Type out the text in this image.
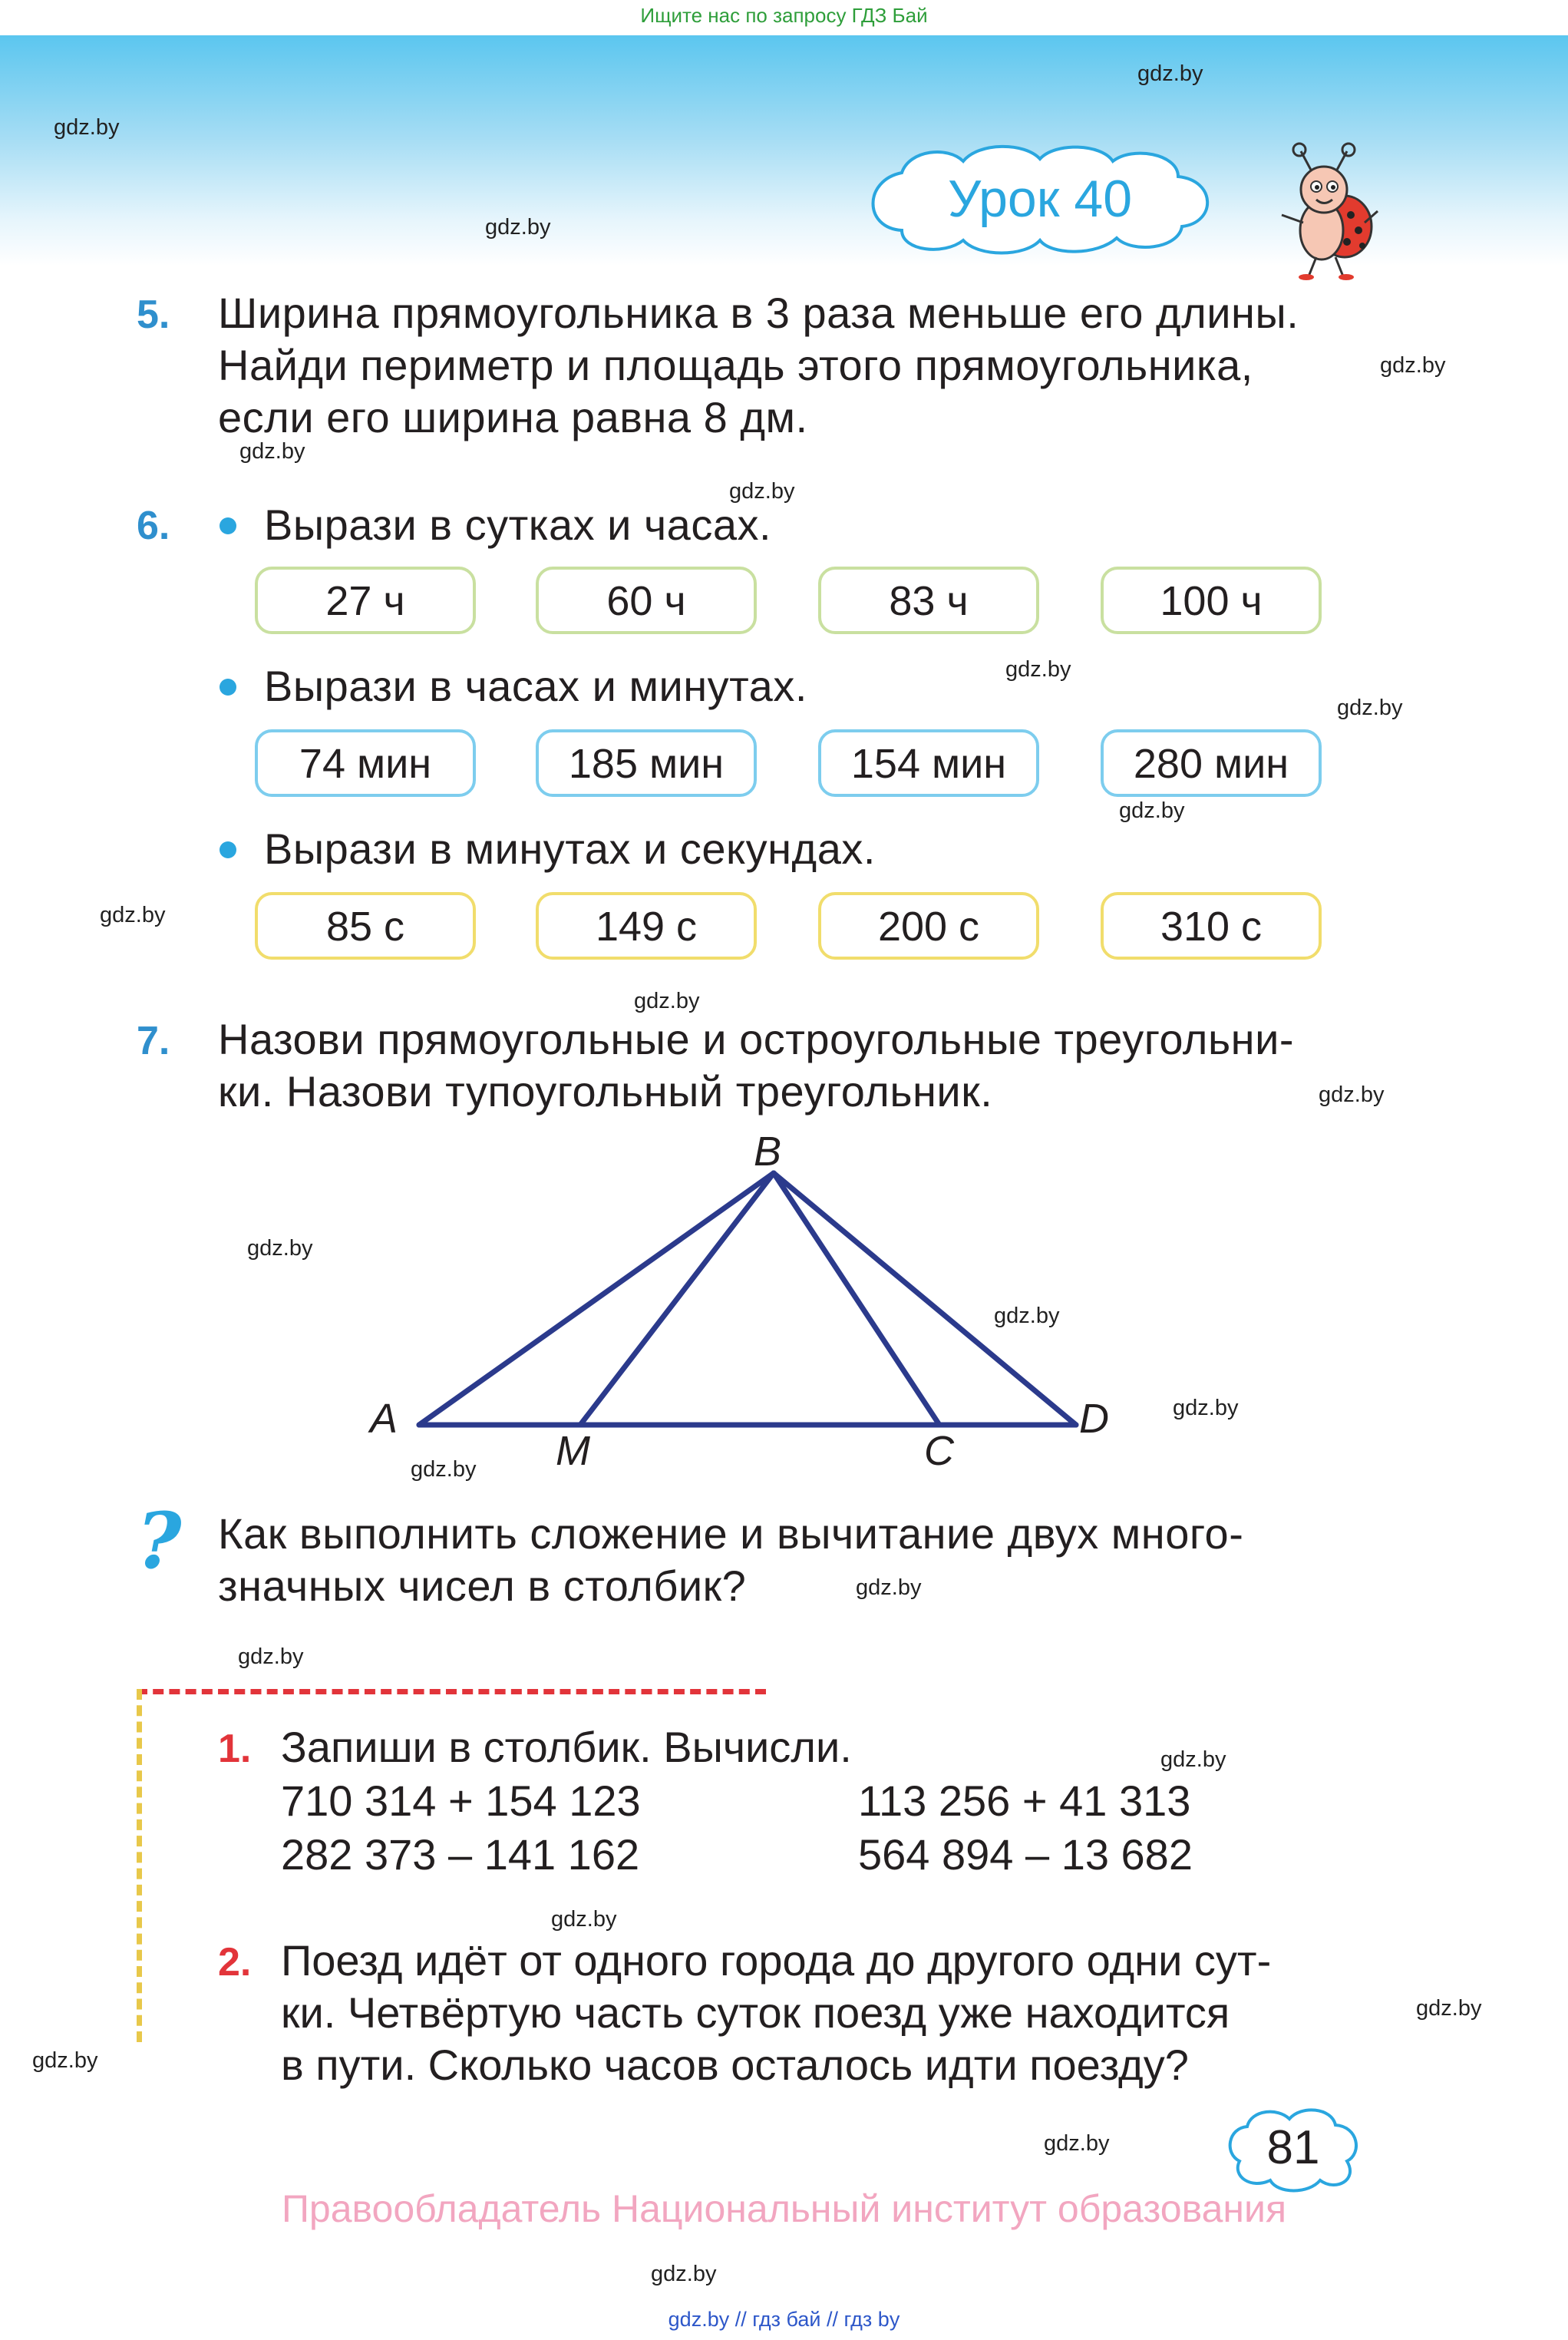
Ищите нас по запросу ГДЗ Бай
Урок 40
gdz.by
gdz.by
gdz.by
gdz.by
gdz.by
gdz.by
gdz.by
gdz.by
gdz.by
gdz.by
gdz.by
gdz.by
gdz.by
gdz.by
gdz.by
gdz.by
gdz.by
gdz.by
gdz.by
gdz.by
gdz.by
gdz.by
gdz.by
gdz.by
5. Ширина прямоугольника в 3 раза меньше его длины.
Найди периметр и площадь этого прямоугольника,
если его ширина равна 8 дм.
6. Вырази в сутках и часах.
27 ч	60 ч	83 ч	100 ч
Вырази в часах и минутах.
74 мин	185 мин	154 мин	280 мин
Вырази в минутах и секундах.
85 с	149 с	200 с	310 с
7. Назови прямоугольные и остроугольные треугольни-
ки. Назови тупоугольный треугольник.
B
A	D
M	C
? Как выполнить сложение и вычитание двух много-
значных чисел в столбик?
1. Запиши в столбик. Вычисли.
710 314 + 154 123	113 256 + 41 313
282 373 – 141 162	564 894 – 13 682
2. Поезд идёт от одного города до другого одни сут-
ки. Четвёртую часть суток поезд уже находится
в пути. Сколько часов осталось идти поезду?
81
Правообладатель Национальный институт образования
gdz.by // гдз бай // гдз by
